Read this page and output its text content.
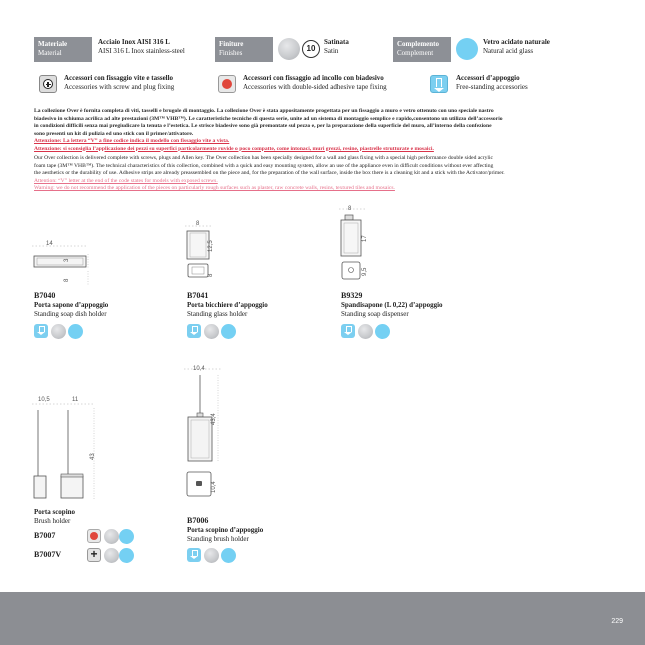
Materiale
Material
Acciaio Inox AISI 316 L
AISI 316 L Inox stainless-steel
Finiture
Finishes	10
Satinata
Satin
Complemento
Complement
Vetro acidato naturale
Natural acid glass
Accessori con fissaggio vite e tassello
Accessories with screw and plug fixing
Accessori con fissaggio ad incollo con biadesivo
Accessories with double-sided adhesive tape fixing
Accessori d’appoggio
Free-standing accessories
La collezione Over è fornita completa di viti, tasselli e brugole di montaggio. La collezione Over è stata appositamente progettata per un fissaggio a muro e vetro ottenuto con uno speciale nastro
biadesivo in schiuma acrilica ad alte prestazioni (3M™ VHB™). Le caratteristiche tecniche di questa serie, unite ad un sistema di montaggio semplice e rapido,consentono un utilizzo dell’accessorio
in condizioni difficili senza mai pregiudicare la tenuta e l’estetica. Le strisce biadesive sono già premontate sul pezzo e, per la preparazione della superficie del muro, all’interno della confezione
sono presenti un kit di pulizia ed uno stick con il primer/attivatore.
Attenzione: La lettera “V” a fine codice indica il modello con fissaggio vite a vista.
Attenzione: si sconsiglia l’applicazione dei pezzi su superfici particolarmente ruvide o poco compatte, come intonaci, muri grezzi, resine, piastrelle strutturate e mosaici.
Our Over collection is delivered complete with screws, plugs and Allen key. The Over collection has been specially designed for a wall and glass fixing with a special high performance double sided acrylic
foam tape (3M™ VHB™). The technical characteristics of this collection, combined with a quick and easy mounting system, allow an use of the appliance even in difficult conditions without ever affecting
the aesthetics or the durability of use. Adhesive strips are already preassembled on the piece and, for the preparation of the wall surface, inside the box there is a cleaning kit and a stick with the Activator/primer.
Attention: “V” letter at the end of the code states for models with exposed screws.
Warning: we do not recommend the application of the pieces on particularly rough surfaces such as plaster, raw concrete walls, resins, textured tiles and mosaics.
14
3
8
B7040
Porta sapone d’appoggio
Standing soap dish holder
8
12,5
8
B7041
Porta bicchiere d’appoggio
Standing glass holder
8
17
9,5
B9329
Spandisapone (L 0,22) d’appoggio
Standing soap dispenser
10,5	11
43
Porta scopino
Brush holder
B7007
B7007V
+
10,4
43,4
10,4
B7006
Porta scopino d’appoggio
Standing brush holder
229
